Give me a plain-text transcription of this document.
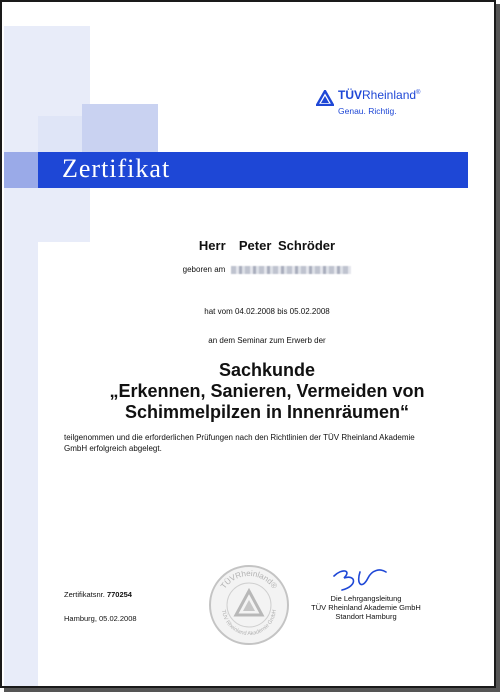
Zertifikat
TÜVRheinland®
Genau. Richtig.
Herr  Peter Schröder
geboren am
hat vom 04.02.2008 bis 05.02.2008
an dem Seminar zum Erwerb der
Sachkunde
„Erkennen, Sanieren, Vermeiden von
Schimmelpilzen in Innenräumen“
teilgenommen und die erforderlichen Prüfungen nach den Richtlinien der TÜV Rheinland Akademie GmbH erfolgreich abgelegt.
Zertifikatsnr. 770254
Hamburg, 05.02.2008
TÜVRheinland®
TÜV Rheinland Akademie GmbH
Die Lehrgangsleitung
TÜV Rheinland Akademie GmbH
Standort Hamburg
